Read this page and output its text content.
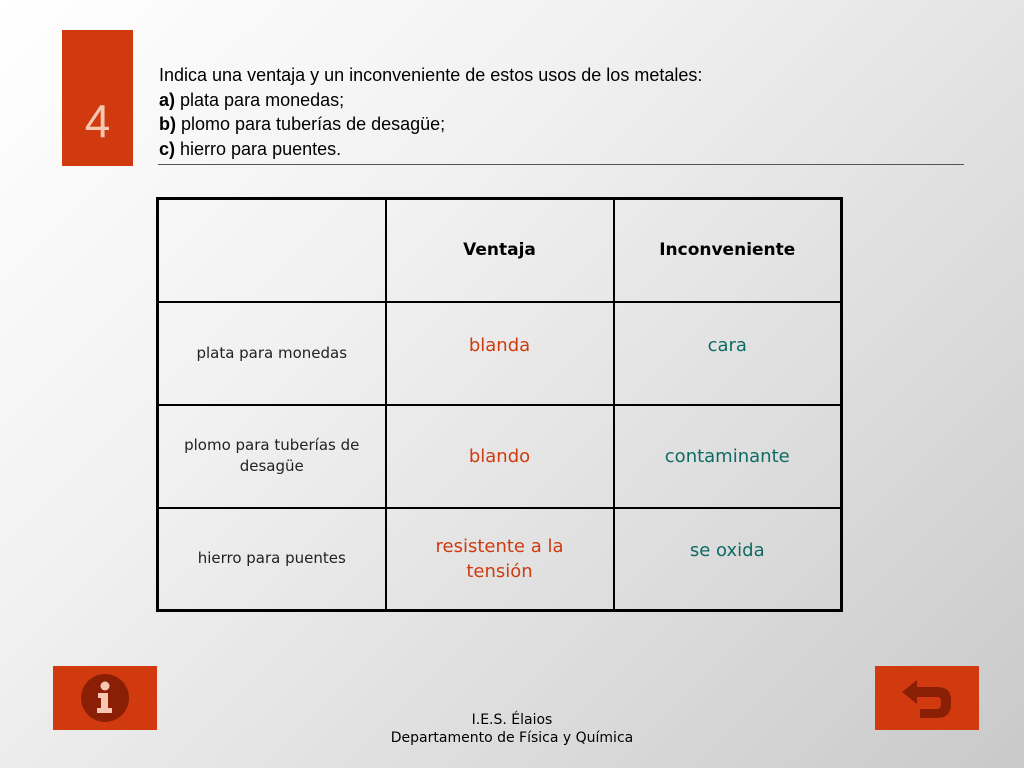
4
Indica una ventaja y un inconveniente de estos usos de los metales:
a) plata para monedas;
b) plomo para tuberías de desagüe;
c) hierro para puentes.
	Ventaja	Inconveniente
plata para monedas	blanda	cara
plomo para tuberías de desagüe	blando	contaminante
hierro para puentes	resistente a la tensión	se oxida
I.E.S. Élaios
Departamento de Física y Química
